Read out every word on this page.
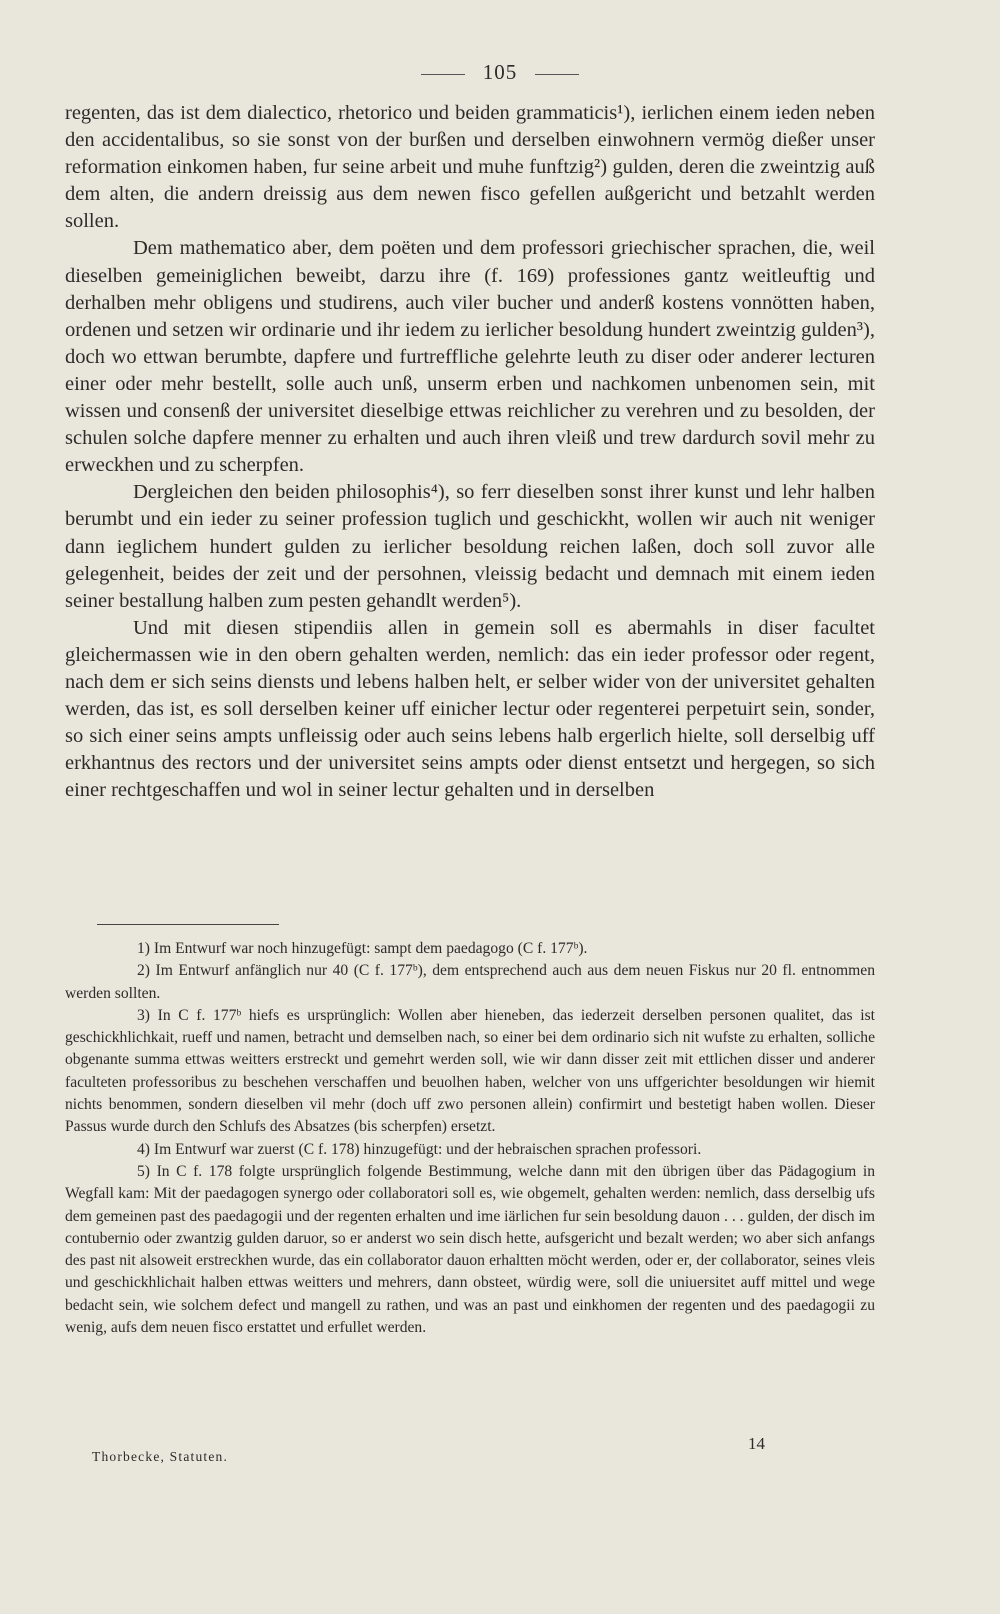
105

regenten, das ist dem dialectico, rhetorico und beiden grammaticis¹), ierlichen einem ieden neben den accidentalibus, so sie sonst von der burßen und derselben einwohnern vermög dießer unser reformation einkomen haben, fur seine arbeit und muhe funftzig²) gulden, deren die zweintzig auß dem alten, die andern dreissig aus dem newen fisco gefellen außgericht und betzahlt werden sollen.

Dem mathematico aber, dem poëten und dem professori griechischer sprachen, die, weil dieselben gemeiniglichen beweibt, darzu ihre (f. 169) professiones gantz weitleuftig und derhalben mehr obligens und studirens, auch viler bucher und anderß kostens vonnötten haben, ordenen und setzen wir ordinarie und ihr iedem zu ierlicher besoldung hundert zweintzig gulden³), doch wo ettwan berumbte, dapfere und furtreffliche gelehrte leuth zu diser oder anderer lecturen einer oder mehr bestellt, solle auch unß, unserm erben und nachkomen unbenomen sein, mit wissen und consenß der universitet dieselbige ettwas reichlicher zu verehren und zu besolden, der schulen solche dapfere menner zu erhalten und auch ihren vleiß und trew dardurch sovil mehr zu erweckhen und zu scherpfen.

Dergleichen den beiden philosophis⁴), so ferr dieselben sonst ihrer kunst und lehr halben berumbt und ein ieder zu seiner profession tuglich und geschickht, wollen wir auch nit weniger dann ieglichem hundert gulden zu ierlicher besoldung reichen laßen, doch soll zuvor alle gelegenheit, beides der zeit und der persohnen, vleissig bedacht und demnach mit einem ieden seiner bestallung halben zum pesten gehandlt werden⁵).

Und mit diesen stipendiis allen in gemein soll es abermahls in diser facultet gleichermassen wie in den obern gehalten werden, nemlich: das ein ieder professor oder regent, nach dem er sich seins diensts und lebens halben helt, er selber wider von der universitet gehalten werden, das ist, es soll derselben keiner uff einicher lectur oder regenterei perpetuirt sein, sonder, so sich einer seins ampts unfleissig oder auch seins lebens halb ergerlich hielte, soll derselbig uff erkhantnus des rectors und der universitet seins ampts oder dienst entsetzt und hergegen, so sich einer rechtgeschaffen und wol in seiner lectur gehalten und in derselben

1) Im Entwurf war noch hinzugefügt: sampt dem paedagogo (C f. 177ᵇ).

2) Im Entwurf anfänglich nur 40 (C f. 177ᵇ), dem entsprechend auch aus dem neuen Fiskus nur 20 fl. entnommen werden sollten.

3) In C f. 177ᵇ hiefs es ursprünglich: Wollen aber hieneben, das iederzeit derselben personen qualitet, das ist geschickhlichkait, rueff und namen, betracht und demselben nach, so einer bei dem ordinario sich nit wufste zu erhalten, solliche obgenante summa ettwas weitters erstreckt und gemehrt werden soll, wie wir dann disser zeit mit ettlichen disser und anderer faculteten professoribus zu beschehen verschaffen und beuolhen haben, welcher von uns uffgerichter besoldungen wir hiemit nichts benommen, sondern dieselben vil mehr (doch uff zwo personen allein) confirmirt und bestetigt haben wollen. Dieser Passus wurde durch den Schlufs des Absatzes (bis scherpfen) ersetzt.

4) Im Entwurf war zuerst (C f. 178) hinzugefügt: und der hebraischen sprachen professori.

5) In C f. 178 folgte ursprünglich folgende Bestimmung, welche dann mit den übrigen über das Pädagogium in Wegfall kam: Mit der paedagogen synergo oder collaboratori soll es, wie obgemelt, gehalten werden: nemlich, dass derselbig ufs dem gemeinen past des paedagogii und der regenten erhalten und ime iärlichen fur sein besoldung dauon . . . gulden, der disch im contubernio oder zwantzig gulden daruor, so er anderst wo sein disch hette, aufsgericht und bezalt werden; wo aber sich anfangs des past nit alsoweit erstreckhen wurde, das ein collaborator dauon erhaltten möcht werden, oder er, der collaborator, seines vleis und geschickhlichait halben ettwas weitters und mehrers, dann obsteet, würdig were, soll die uniuersitet auff mittel und wege bedacht sein, wie solchem defect und mangell zu rathen, und was an past und einkhomen der regenten und des paedagogii zu wenig, aufs dem neuen fisco erstattet und erfullet werden.

Thorbecke, Statuten.
14
